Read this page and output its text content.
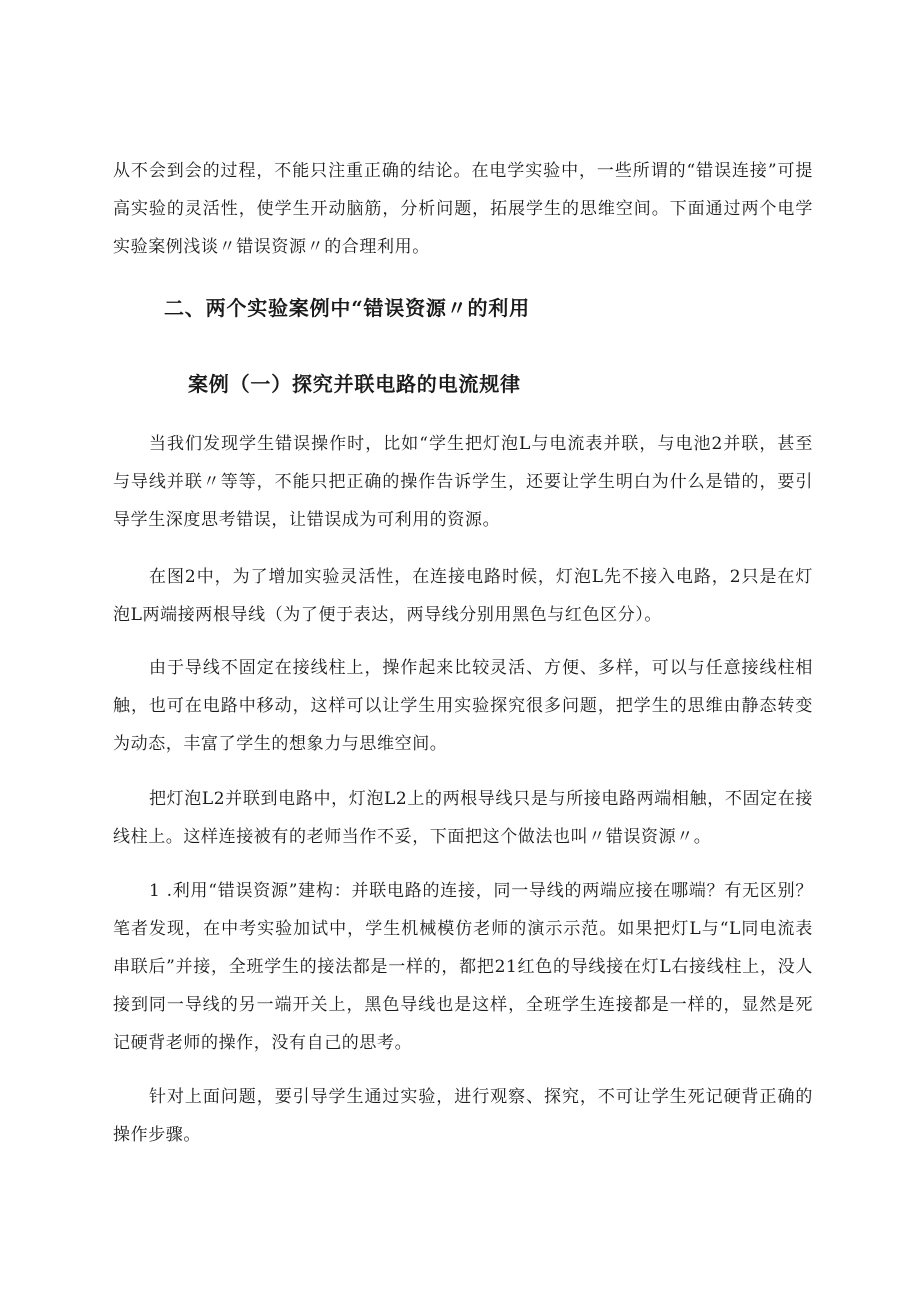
从不会到会的过程，不能只注重正确的结论。在电学实验中，一些所谓的“错误连接”可提高实验的灵活性，使学生开动脑筋，分析问题，拓展学生的思维空间。下面通过两个电学实验案例浅谈〃错误资源〃的合理利用。

二、两个实验案例中“错误资源〃的利用
案例（一）探究并联电路的电流规律

当我们发现学生错误操作时，比如“学生把灯泡L与电流表并联，与电池2并联，甚至与导线并联〃等等，不能只把正确的操作告诉学生，还要让学生明白为什么是错的，要引导学生深度思考错误，让错误成为可利用的资源。

在图2中，为了增加实验灵活性，在连接电路时候，灯泡L先不接入电路，2只是在灯泡L两端接两根导线（为了便于表达，两导线分别用黑色与红色区分）。

由于导线不固定在接线柱上，操作起来比较灵活、方便、多样，可以与任意接线柱相触，也可在电路中移动，这样可以让学生用实验探究很多问题，把学生的思维由静态转变为动态，丰富了学生的想象力与思维空间。

把灯泡L2并联到电路中，灯泡L2上的两根导线只是与所接电路两端相触，不固定在接线柱上。这样连接被有的老师当作不妥，下面把这个做法也叫〃错误资源〃。

1 .利用“错误资源”建构：并联电路的连接，同一导线的两端应接在哪端？有无区别？笔者发现，在中考实验加试中，学生机械模仿老师的演示示范。如果把灯L与“L同电流表串联后”并接，全班学生的接法都是一样的，都把21红色的导线接在灯L右接线柱上，没人接到同一导线的另一端开关上，黑色导线也是这样，全班学生连接都是一样的，显然是死记硬背老师的操作，没有自己的思考。

针对上面问题，要引导学生通过实验，进行观察、探究，不可让学生死记硬背正确的操作步骤。
